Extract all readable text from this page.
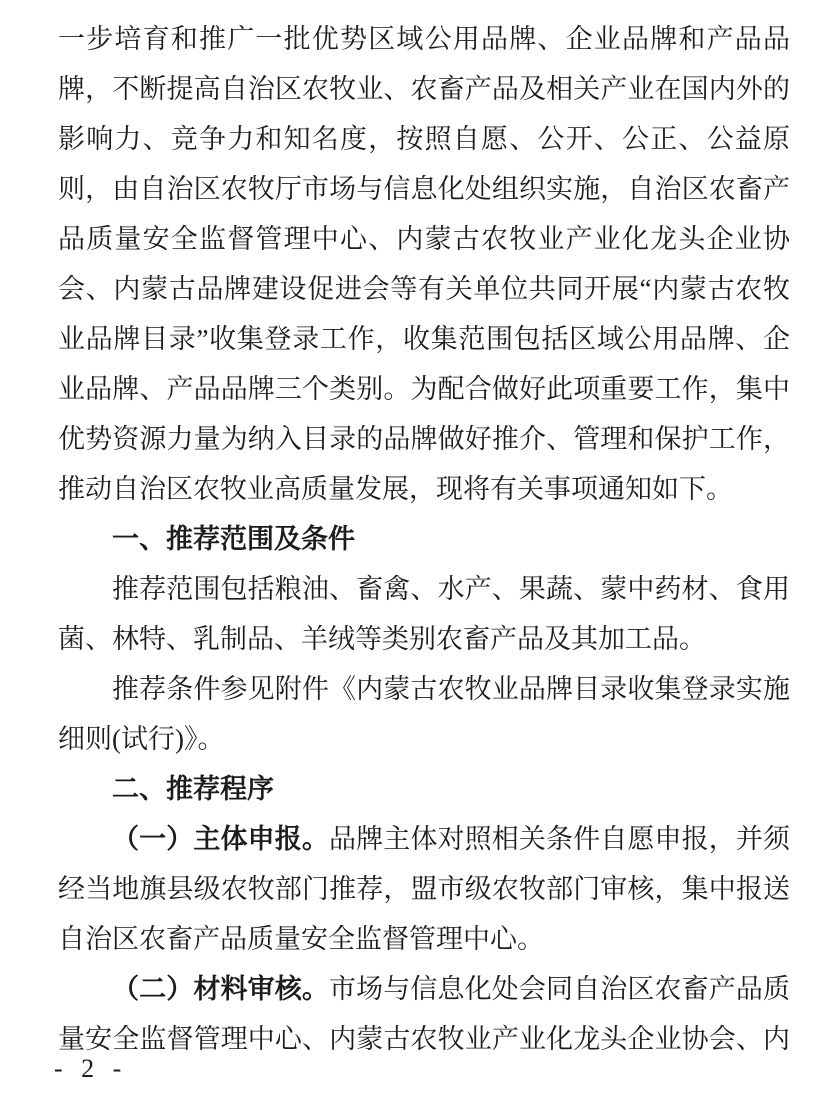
一步培育和推广一批优势区域公用品牌、企业品牌和产品品
牌，不断提高自治区农牧业、农畜产品及相关产业在国内外的
影响力、竞争力和知名度，按照自愿、公开、公正、公益原
则，由自治区农牧厅市场与信息化处组织实施，自治区农畜产
品质量安全监督管理中心、内蒙古农牧业产业化龙头企业协
会、内蒙古品牌建设促进会等有关单位共同开展“内蒙古农牧
业品牌目录”收集登录工作，收集范围包括区域公用品牌、企
业品牌、产品品牌三个类别。为配合做好此项重要工作，集中
优势资源力量为纳入目录的品牌做好推介、管理和保护工作，
推动自治区农牧业高质量发展，现将有关事项通知如下。
一、推荐范围及条件
推荐范围包括粮油、畜禽、水产、果蔬、蒙中药材、食用
菌、林特、乳制品、羊绒等类别农畜产品及其加工品。
推荐条件参见附件《内蒙古农牧业品牌目录收集登录实施
细则(试行)》。
二、推荐程序
（一）主体申报。品牌主体对照相关条件自愿申报，并须
经当地旗县级农牧部门推荐，盟市级农牧部门审核，集中报送
自治区农畜产品质量安全监督管理中心。
（二）材料审核。市场与信息化处会同自治区农畜产品质
量安全监督管理中心、内蒙古农牧业产业化龙头企业协会、内
- 2 -
